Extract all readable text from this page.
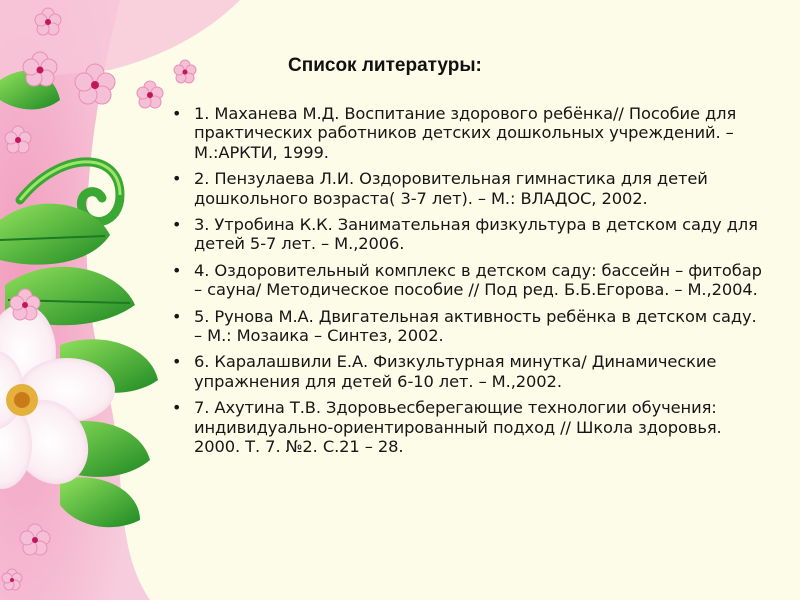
Список литературы:
• 1. Маханева М.Д. Воспитание здорового ребёнка// Пособие для практических работников детских дошкольных учреждений. – М.:АРКТИ, 1999.
• 2. Пензулаева Л.И. Оздоровительная гимнастика для детей дошкольного возраста( 3-7 лет). – М.: ВЛАДОС, 2002.
• 3. Утробина К.К. Занимательная физкультура в детском саду для детей 5-7 лет. – М.,2006.
• 4. Оздоровительный комплекс в детском саду: бассейн – фитобар – сауна/ Методическое пособие // Под ред. Б.Б.Егорова. – М.,2004.
• 5. Рунова М.А. Двигательная активность ребёнка в детском саду. – М.: Мозаика – Синтез, 2002.
• 6. Каралашвили Е.А. Физкультурная минутка/ Динамические упражнения для детей 6-10 лет. – М.,2002.
• 7. Ахутина Т.В. Здоровьесберегающие технологии обучения: индивидуально-ориентированный подход // Школа здоровья. 2000. Т. 7. №2. С.21 – 28.
